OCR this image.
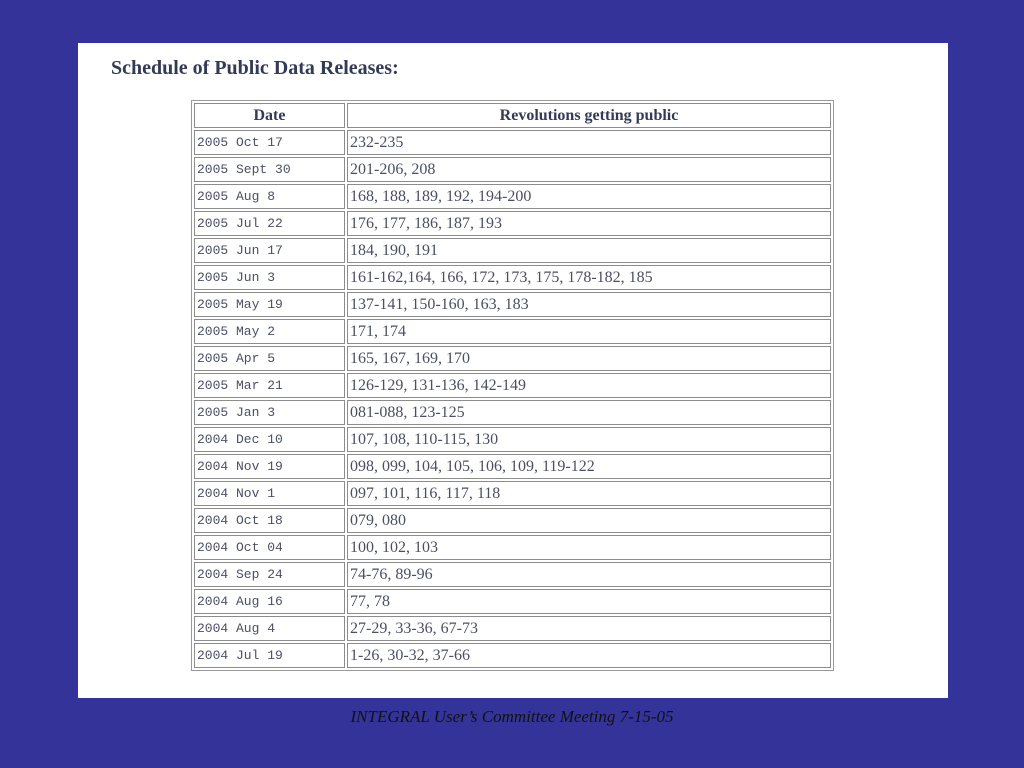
Schedule of Public Data Releases:
Date	Revolutions getting public
2005 Oct 17	232-235
2005 Sept 30	201-206, 208
2005 Aug 8	168, 188, 189, 192, 194-200
2005 Jul 22	176, 177, 186, 187, 193
2005 Jun 17	184, 190, 191
2005 Jun 3	161-162,164, 166, 172, 173, 175, 178-182, 185
2005 May 19	137-141, 150-160, 163, 183
2005 May 2	171, 174
2005 Apr 5	165, 167, 169, 170
2005 Mar 21	126-129, 131-136, 142-149
2005 Jan 3	081-088, 123-125
2004 Dec 10	107, 108, 110-115, 130
2004 Nov 19	098, 099, 104, 105, 106, 109, 119-122
2004 Nov 1	097, 101, 116, 117, 118
2004 Oct 18	079, 080
2004 Oct 04	100, 102, 103
2004 Sep 24	74-76, 89-96
2004 Aug 16	77, 78
2004 Aug 4	27-29, 33-36, 67-73
2004 Jul 19	1-26, 30-32, 37-66
INTEGRAL User’s Committee Meeting 7-15-05
